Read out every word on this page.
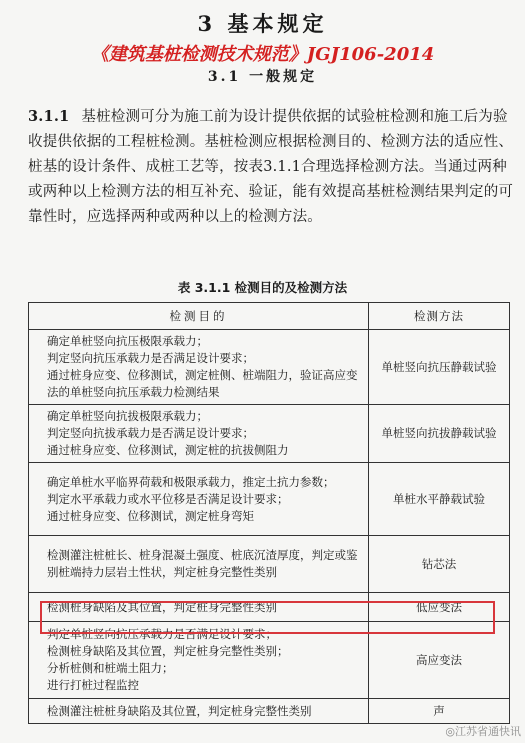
3 基本规定
《建筑基桩检测技术规范》JGJ106-2014
3.1 一般规定
3.1.1 基桩检测可分为施工前为设计提供依据的试验桩检测和施工后为验收提供依据的工程桩检测。基桩检测应根据检测目的、检测方法的适应性、桩基的设计条件、成桩工艺等，按表3.1.1合理选择检测方法。当通过两种或两种以上检测方法的相互补充、验证，能有效提高基桩检测结果判定的可靠性时，应选择两种或两种以上的检测方法。
表 3.1.1 检测目的及检测方法
检测目的	检测方法

确定单桩竖向抗压极限承载力；
判定竖向抗压承载力是否满足设计要求；
通过桩身应变、位移测试，测定桩侧、桩端阻力，验证高应变法的单桩竖向抗压承载力检测结果	单桩竖向抗压静载试验

确定单桩竖向抗拔极限承载力；
判定竖向抗拔承载力是否满足设计要求；
通过桩身应变、位移测试，测定桩的抗拔侧阻力	单桩竖向抗拔静载试验

确定单桩水平临界荷载和极限承载力，推定土抗力参数；
判定水平承载力或水平位移是否满足设计要求；
通过桩身应变、位移测试，测定桩身弯矩	单桩水平静载试验

检测灌注桩桩长、桩身混凝土强度、桩底沉渣厚度，判定或鉴别桩端持力层岩土性状，判定桩身完整性类别	钻芯法

检测桩身缺陷及其位置，判定桩身完整性类别	低应变法

判定单桩竖向抗压承载力是否满足设计要求；
检测桩身缺陷及其位置，判定桩身完整性类别；
分析桩侧和桩端土阻力；
进行打桩过程监控	高应变法

检测灌注桩桩身缺陷及其位置，判定桩身完整性类别	声
◎江苏省通快讯
